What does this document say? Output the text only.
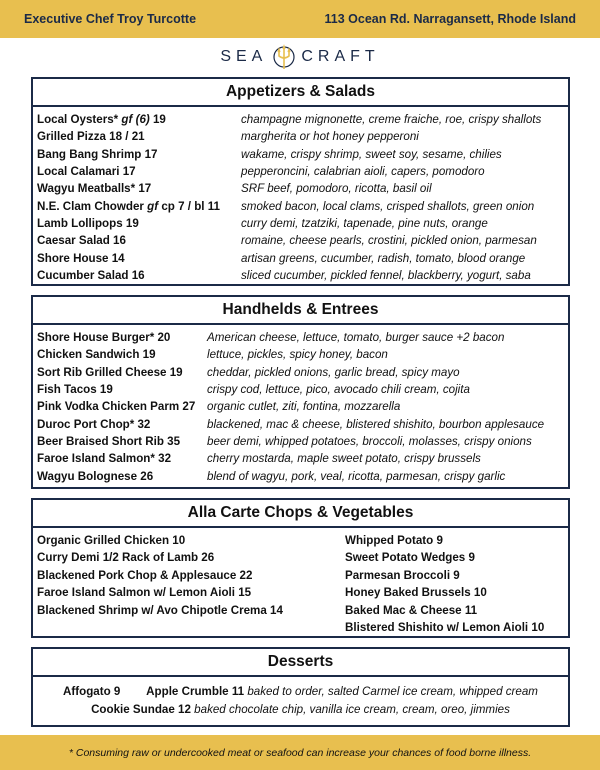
Executive Chef Troy Turcotte	113 Ocean Rd. Narragansett, Rhode Island
SEA CRAFT
Appetizers & Salads
Local Oysters* gf (6) 19	champagne mignonette, creme fraiche, roe, crispy shallots
Grilled Pizza 18 / 21	margherita or hot honey pepperoni
Bang Bang Shrimp 17	wakame, crispy shrimp, sweet soy, sesame, chilies
Local Calamari 17	pepperoncini, calabrian aioli, capers, pomodoro
Wagyu Meatballs* 17	SRF beef, pomodoro, ricotta, basil oil
N.E. Clam Chowder gf cp 7 / bl 11	smoked bacon, local clams, crisped shallots, green onion
Lamb Lollipops 19	curry demi, tzatziki, tapenade, pine nuts, orange
Caesar Salad 16	romaine, cheese pearls, crostini, pickled onion, parmesan
Shore House 14	artisan greens, cucumber, radish, tomato, blood orange
Cucumber Salad 16	sliced cucumber, pickled fennel, blackberry, yogurt, saba
Handhelds & Entrees
Shore House Burger* 20	American cheese, lettuce, tomato, burger sauce +2 bacon
Chicken Sandwich 19	lettuce, pickles, spicy honey, bacon
Sort Rib Grilled Cheese 19	cheddar, pickled onions, garlic bread, spicy mayo
Fish Tacos 19	crispy cod, lettuce, pico, avocado chili cream, cojita
Pink Vodka Chicken Parm 27	organic cutlet, ziti, fontina, mozzarella
Duroc Port Chop* 32	blackened, mac & cheese, blistered shishito, bourbon applesauce
Beer Braised Short Rib 35	beer demi, whipped potatoes, broccoli, molasses, crispy onions
Faroe Island Salmon* 32	cherry mostarda, maple sweet potato, crispy brussels
Wagyu Bolognese 26	blend of wagyu, pork, veal, ricotta, parmesan, crispy garlic
Alla Carte Chops & Vegetables
Organic Grilled Chicken 10
Curry Demi 1/2 Rack of Lamb 26
Blackened Pork Chop & Applesauce 22
Faroe Island Salmon w/ Lemon Aioli 15
Blackened Shrimp w/ Avo Chipotle Crema 14
Whipped Potato 9
Sweet Potato Wedges 9
Parmesan Broccoli 9
Honey Baked Brussels 10
Baked Mac & Cheese 11
Blistered Shishito w/ Lemon Aioli 10
Desserts
Affogato 9 Apple Crumble 11 baked to order, salted Carmel ice cream, whipped cream
Cookie Sundae 12 baked chocolate chip, vanilla ice cream, cream, oreo, jimmies
* Consuming raw or undercooked meat or seafood can increase your chances of food borne illness.
